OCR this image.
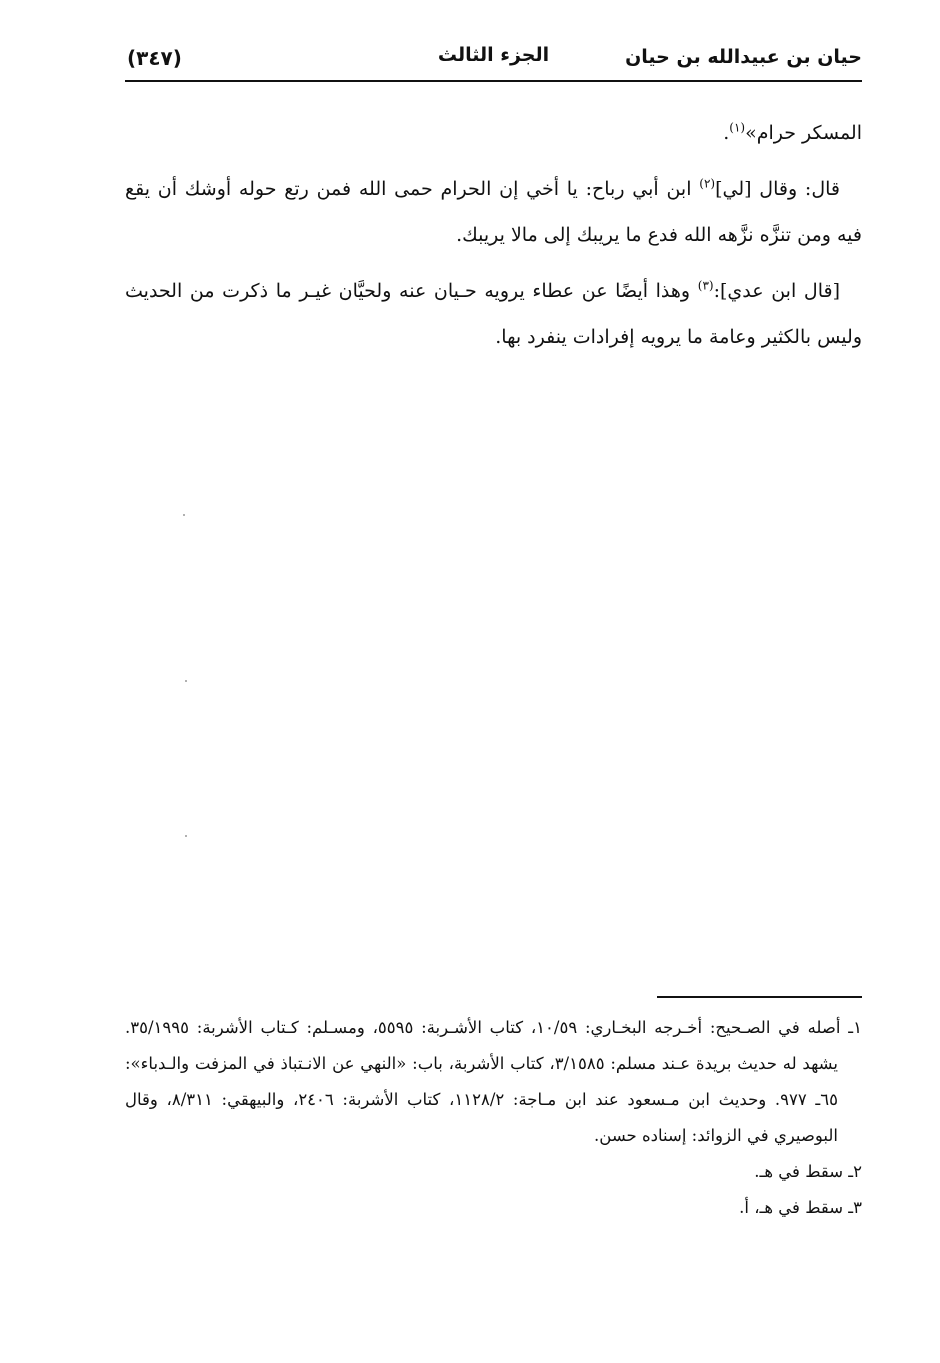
حيان بن عبيدالله بن حيان
الجزء الثالث
(٣٤٧)

المسكر حرام»$^{(١)}$.

قال: وقال [لي]$^{(٢)}$ ابن أبي رباح: يا أخي إن الحرام حمى الله فمن رتع حوله أوشك أن يقع فيه ومن تنزَّه نزَّهه الله فدع ما يريبك إلى مالا يريبك.

[قال ابن عدي]:$^{(٣)}$ وهذا أيضًا عن عطاء يرويه حـيان عنه ولحيَّان غيـر ما ذكرت من الحديث وليس بالكثير وعامة ما يرويه إفرادات ينفرد بها.

١ـ أصله في الصـحيح: أخـرجه البخـاري: ١٠/٥٩، كتاب الأشـربة: ٥٥٩٥، ومسـلم: كـتاب الأشربة: ٣٥/١٩٩٥. يشهد له حديث بريدة عـند مسلم: ٣/١٥٨٥، كتاب الأشربة، باب: «النهي عن الانـتباذ في المزفت والـدباء»: ٦٥ـ ٩٧٧. وحديث ابن مـسعود عند ابن مـاجة: ١١٢٨/٢، كتاب الأشربة: ٢٤٠٦، والبيهقي: ٨/٣١١، وقال البوصيري في الزوائد: إسناده حسن.

٢ـ سقط في هـ.

٣ـ سقط في هـ، أ.
